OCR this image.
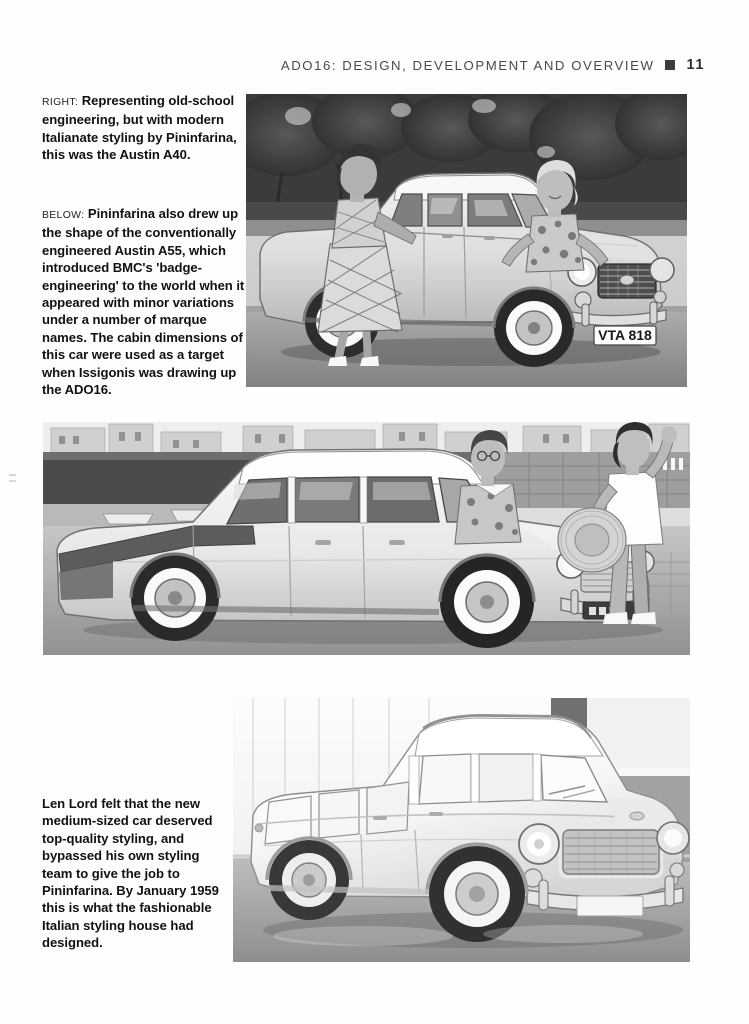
ADO16: DESIGN, DEVELOPMENT AND OVERVIEW 11
RIGHT: Representing old-school engineering, but with modern Italianate styling by Pininfarina, this was the Austin A40.
BELOW: Pininfarina also drew up the shape of the conventionally engineered Austin A55, which introduced BMC's 'badge-engineering' to the world when it appeared with minor variations under a number of marque names. The cabin dimensions of this car were used as a target when Issigonis was drawing up the ADO16.
Len Lord felt that the new medium-sized car deserved top-quality styling, and bypassed his own styling team to give the job to Pininfarina. By January 1959 this is what the fashionable Italian styling house had designed.
VTA 818
